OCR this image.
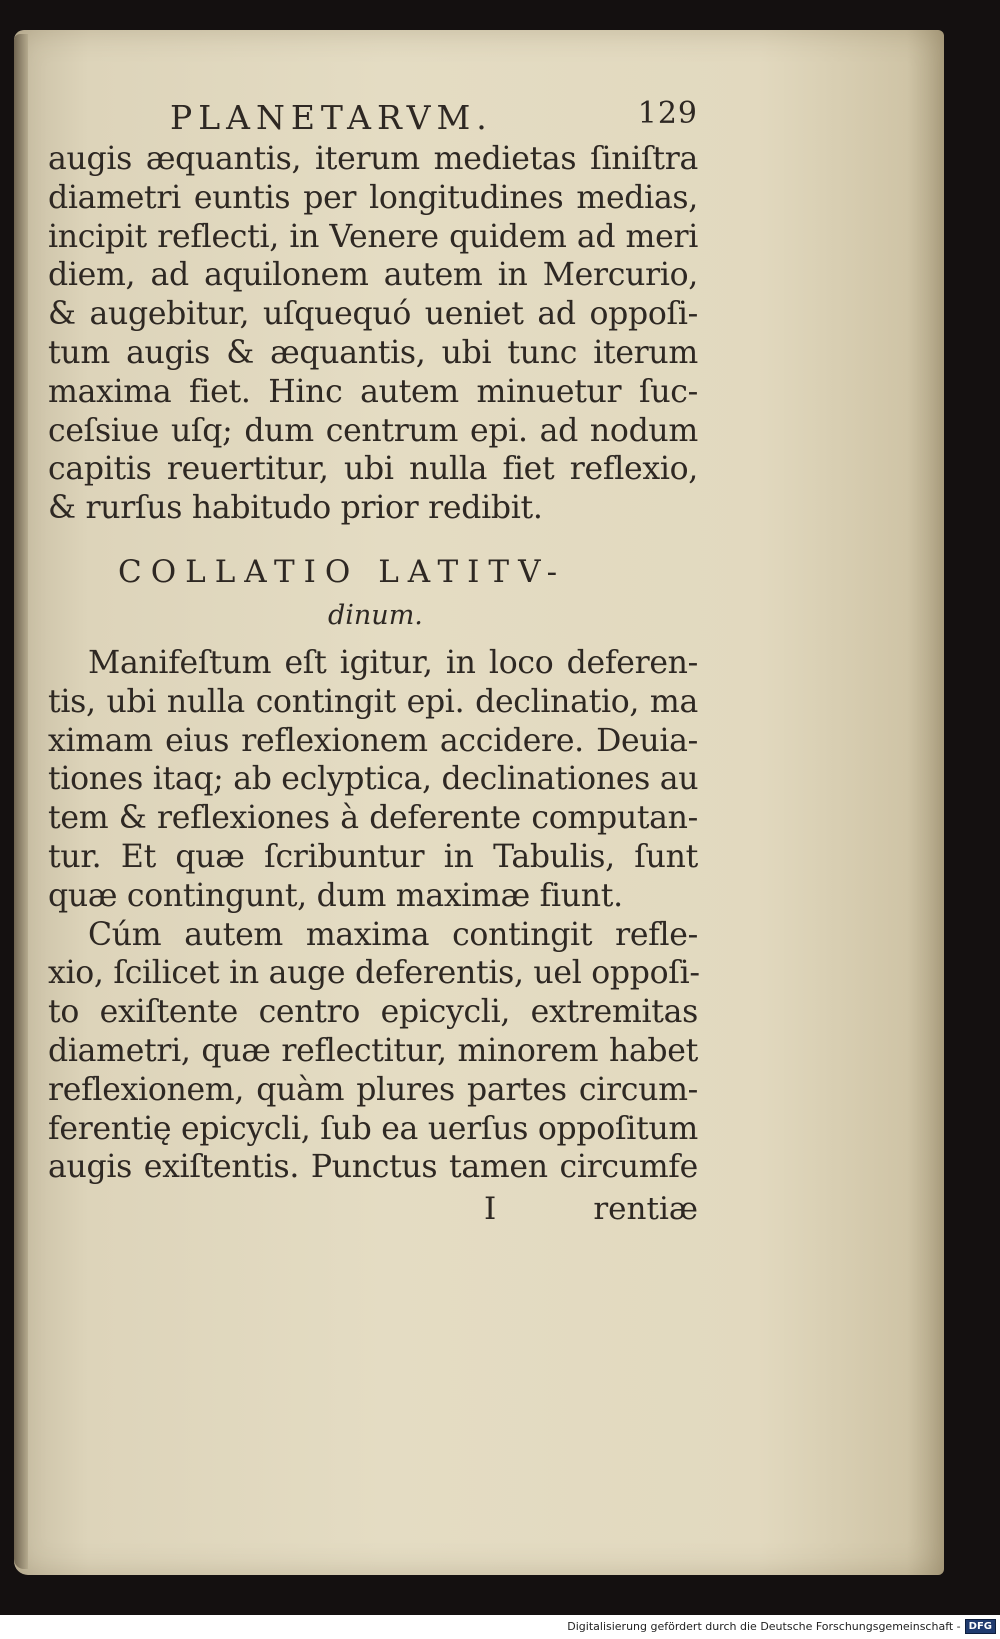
PLANETARVM.	129
augis æquantis, iterum medietas ſiniſtra
diametri euntis per longitudines medias,
incipit reflecti, in Venere quidem ad meri
diem, ad aquilonem autem in Mercurio,
& augebitur, uſquequó ueniet ad oppoſi-
tum augis & æquantis, ubi tunc iterum
maxima fiet. Hinc autem minuetur ſuc-
ceſsiue uſq; dum centrum epi. ad nodum
capitis reuertitur, ubi nulla fiet reflexio,
& rurſus habitudo prior redibit.
COLLATIO LATITV-
dinum.
Manifeſtum eſt igitur, in loco deferen-
tis, ubi nulla contingit epi. declinatio, ma
ximam eius reflexionem accidere. Deuia-
tiones itaq; ab eclyptica, declinationes au
tem & reflexiones à deferente computan-
tur. Et quæ ſcribuntur in Tabulis, ſunt
quæ contingunt, dum maximæ fiunt.
Cúm autem maxima contingit refle-
xio, ſcilicet in auge deferentis, uel oppoſi-
to exiſtente centro epicycli, extremitas
diametri, quæ reflectitur, minorem habet
reflexionem, quàm plures partes circum-
ferentię epicycli, ſub ea uerſus oppoſitum
augis exiſtentis. Punctus tamen circumfe
I	rentiæ
Digitalisierung gefördert durch die Deutsche Forschungsgemeinschaft - DFG
